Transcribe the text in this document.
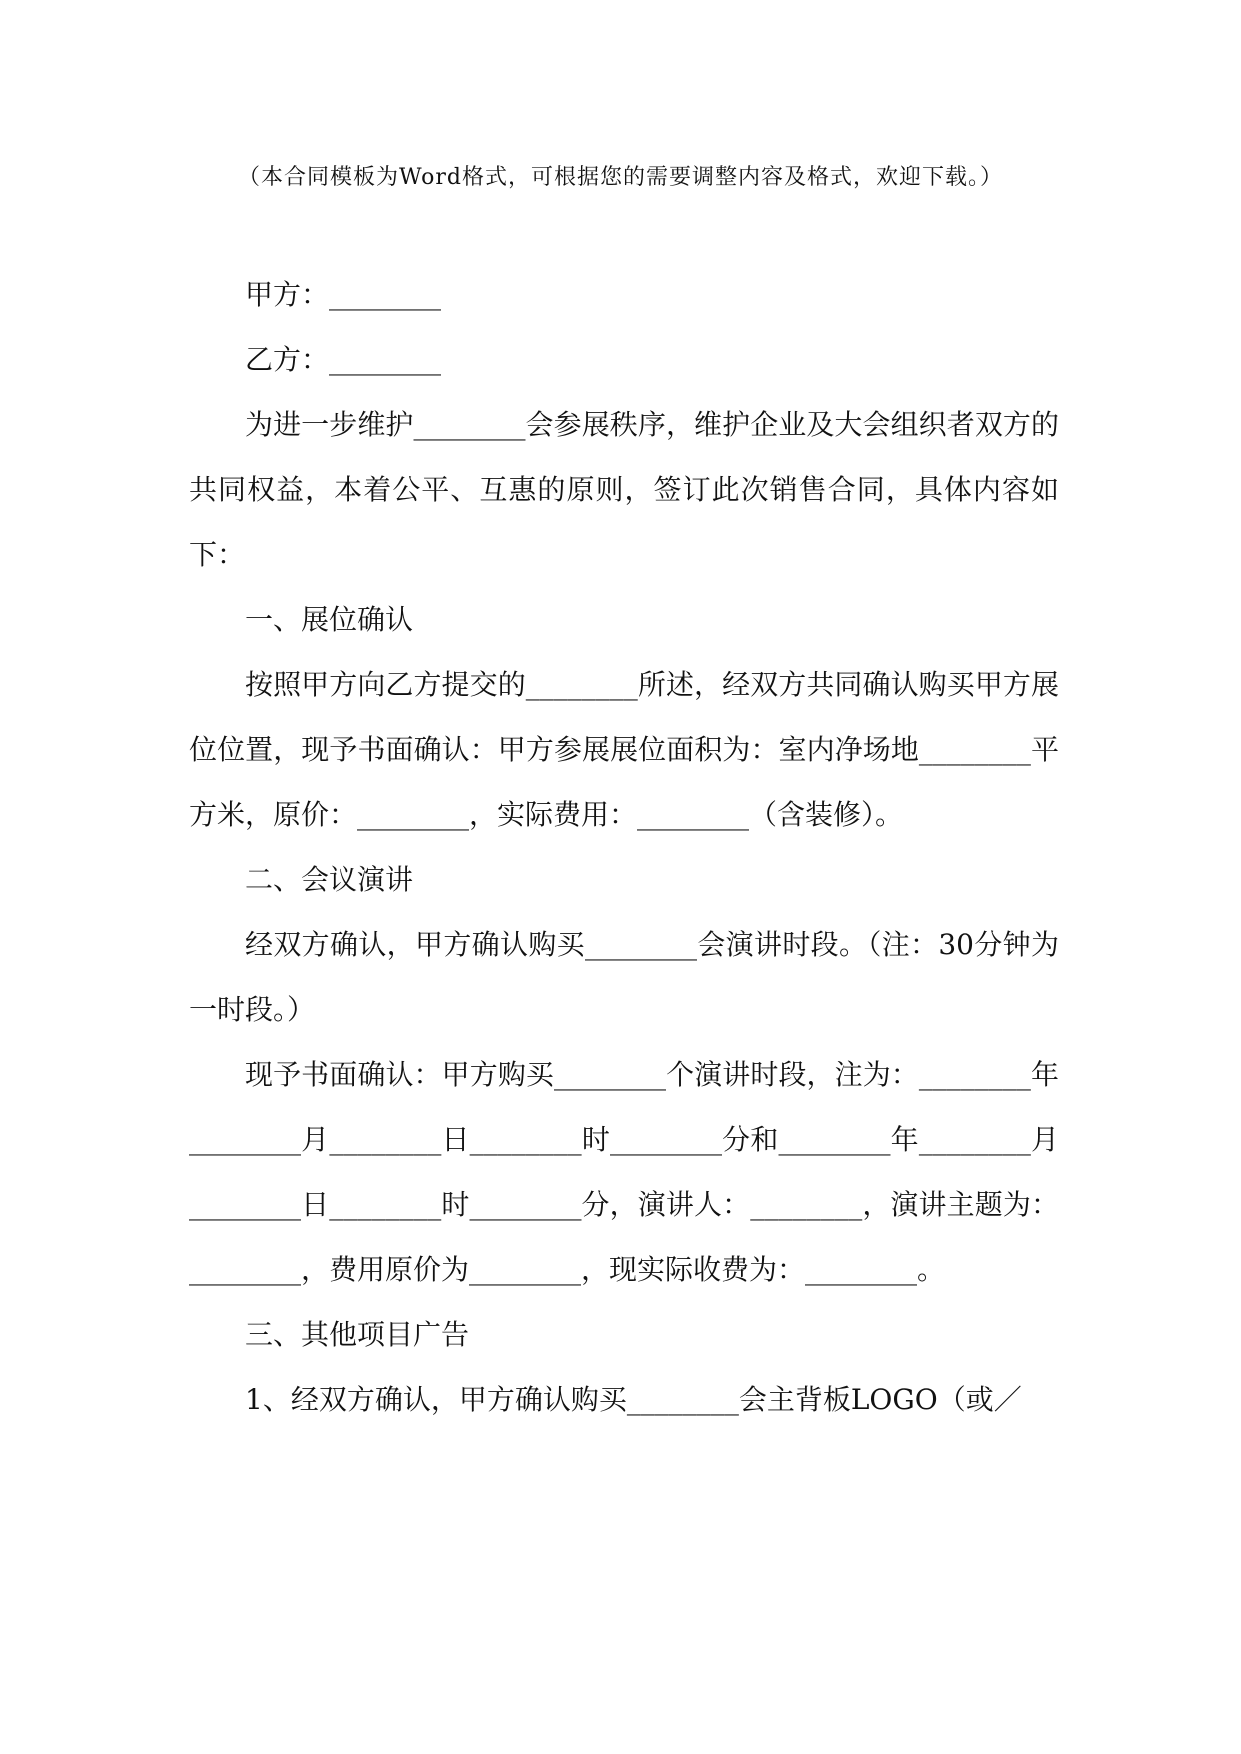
（本合同模板为Word格式，可根据您的需要调整内容及格式，欢迎下载。）

甲方：________

乙方：________

为进一步维护________会参展秩序，维护企业及大会组织者双方的共同权益，本着公平、互惠的原则，签订此次销售合同，具体内容如下：

一、展位确认

按照甲方向乙方提交的________所述，经双方共同确认购买甲方展位位置，现予书面确认：甲方参展展位面积为：室内净场地________平方米，原价：________，实际费用：________（含装修）。

二、会议演讲

经双方确认，甲方确认购买________会演讲时段。（注：30分钟为一时段。）

现予书面确认：甲方购买________个演讲时段，注为：________年________月________日________时________分和________年________月________日________时________分，演讲人：________，演讲主题为：________，费用原价为________，现实际收费为：________。

三、其他项目广告

1、经双方确认，甲方确认购买________会主背板LOGO（或／
